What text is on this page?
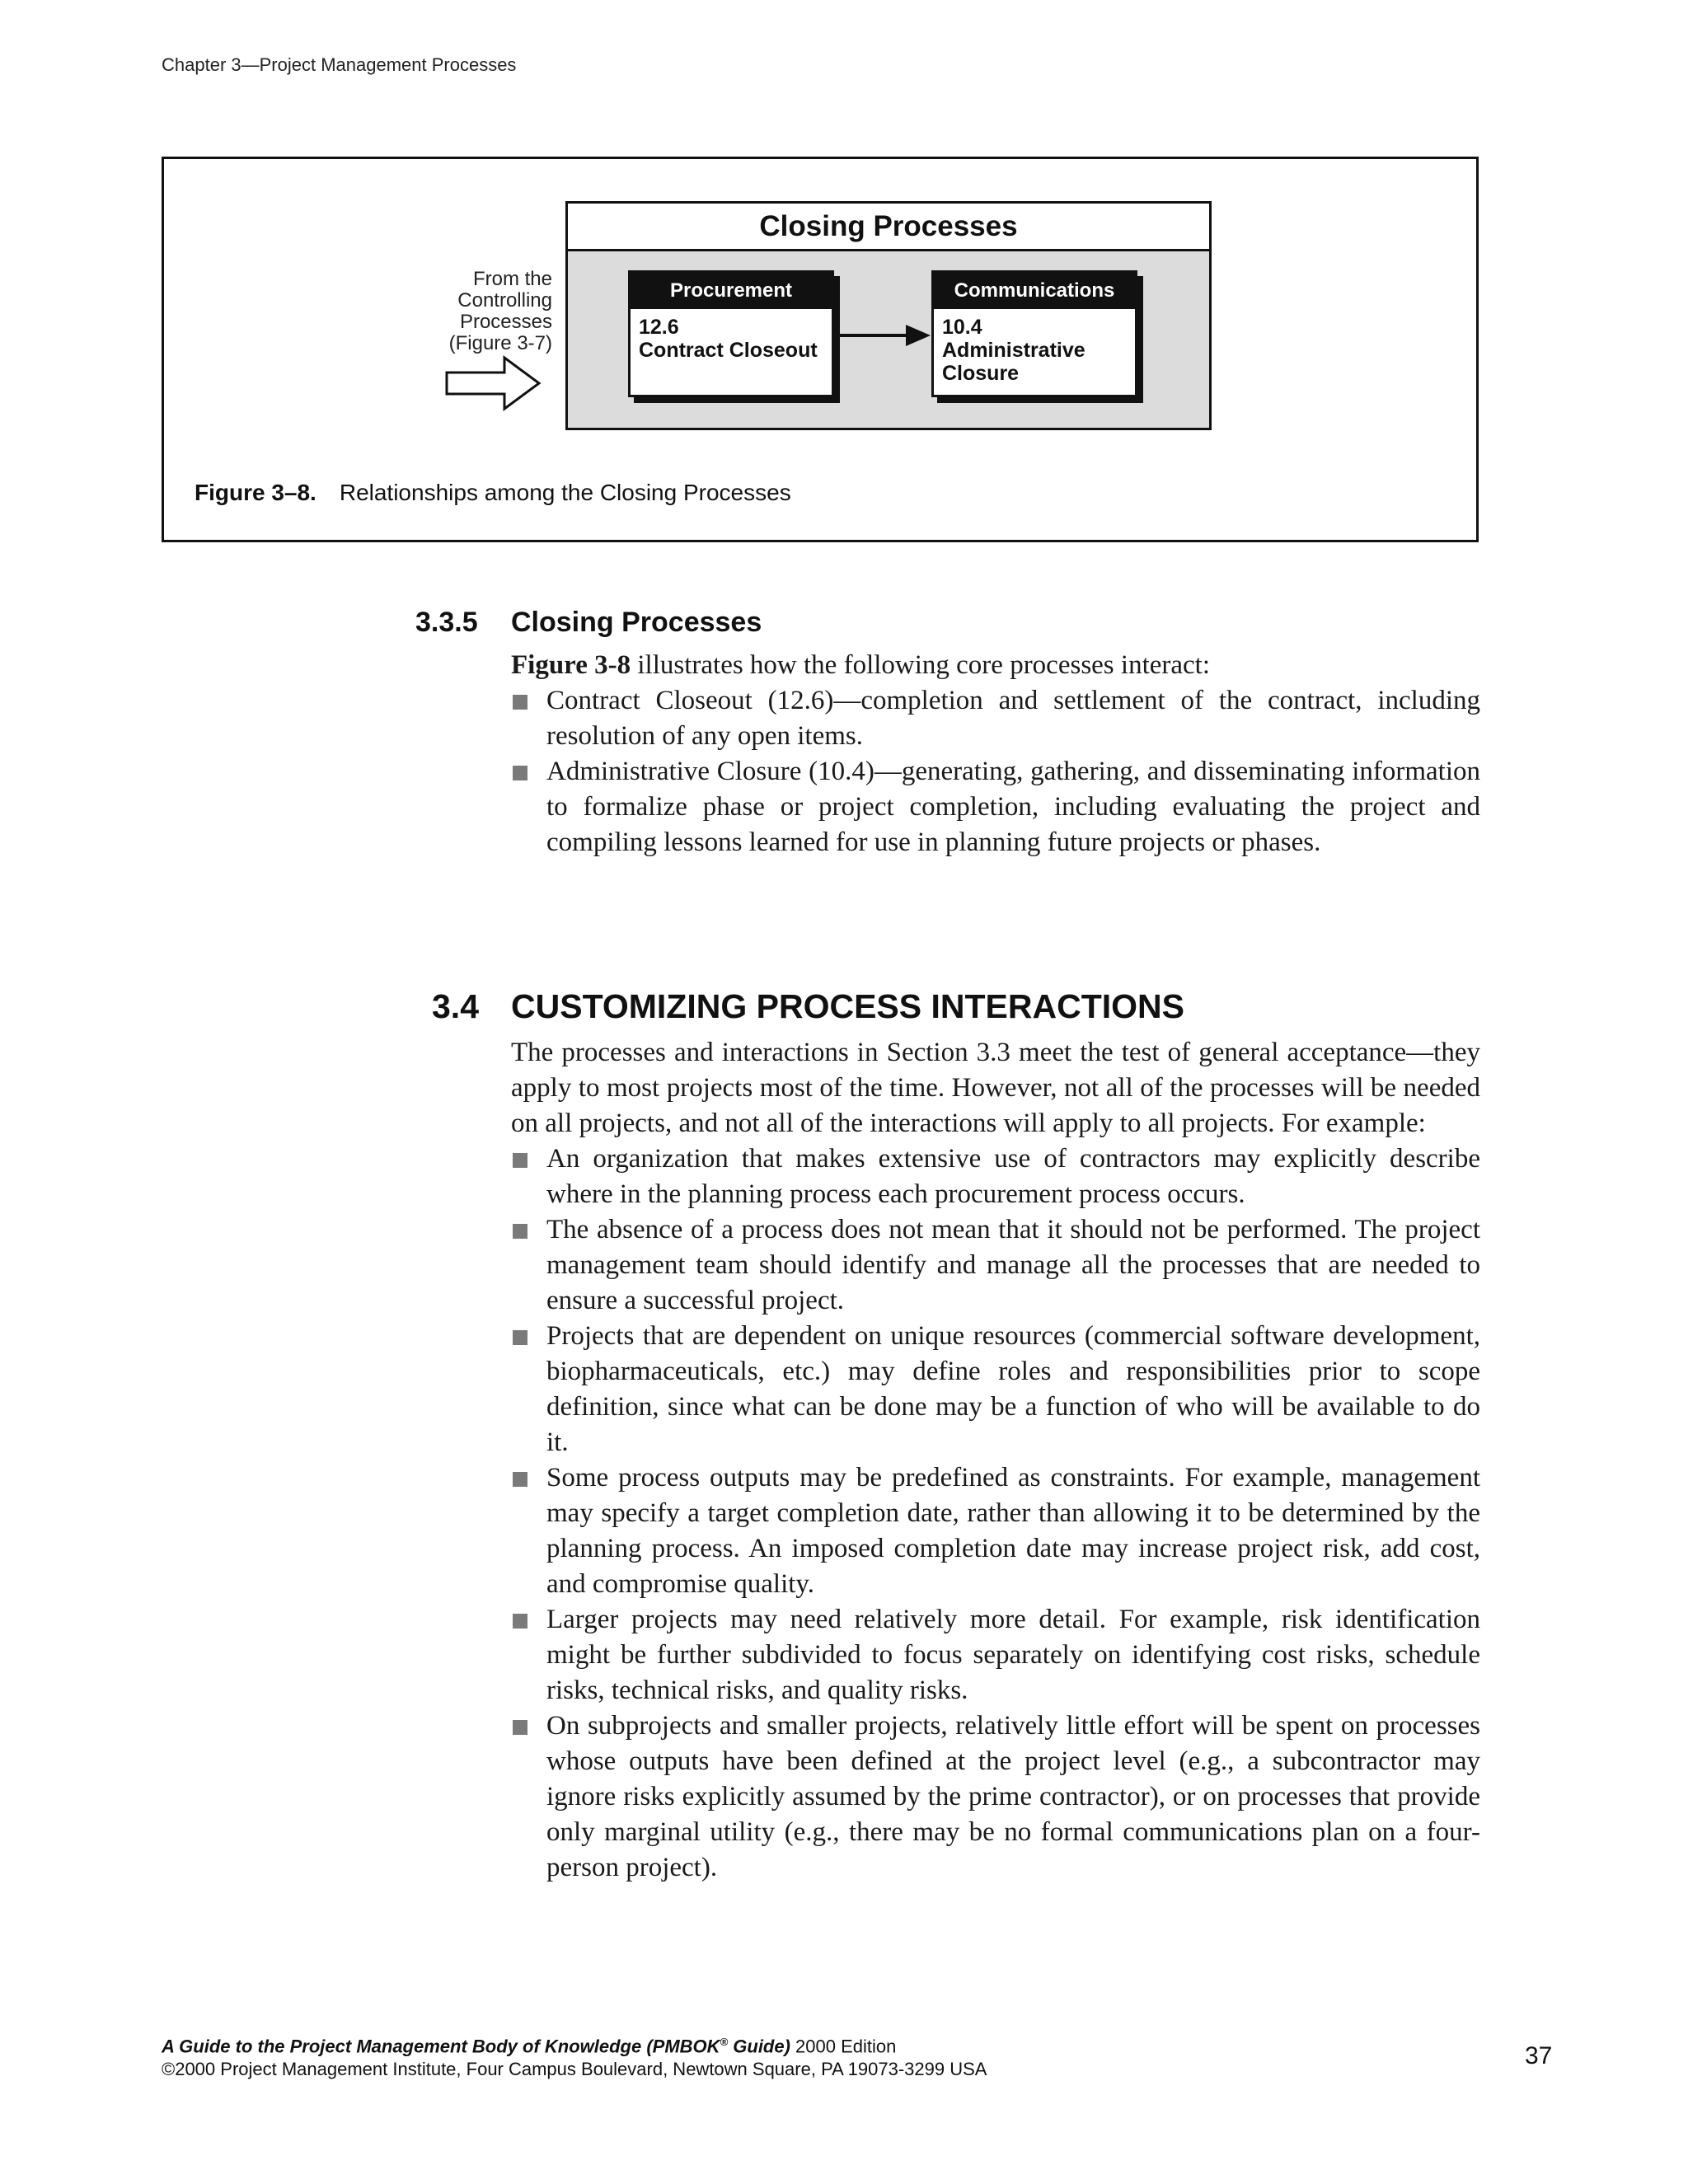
Chapter 3—Project Management Processes
From the
Controlling
Processes
(Figure 3-7)
Closing Processes
Procurement
12.6
Contract Closeout
Communications
10.4
Administrative
Closure
Figure 3–8. Relationships among the Closing Processes
3.3.5 Closing Processes

Figure 3-8 illustrates how the following core processes interact:

Contract Closeout (12.6)—completion and settlement of the contract, including resolution of any open items.
Administrative Closure (10.4)—generating, gathering, and disseminating information to formalize phase or project completion, including evaluating the project and compiling lessons learned for use in planning future projects or phases.
3.4 CUSTOMIZING PROCESS INTERACTIONS

The processes and interactions in Section 3.3 meet the test of general acceptance—they apply to most projects most of the time. However, not all of the processes will be needed on all projects, and not all of the interactions will apply to all projects. For example:

An organization that makes extensive use of contractors may explicitly describe where in the planning process each procurement process occurs.
The absence of a process does not mean that it should not be performed. The project management team should identify and manage all the processes that are needed to ensure a successful project.
Projects that are dependent on unique resources (commercial software development, biopharmaceuticals, etc.) may define roles and responsibilities prior to scope definition, since what can be done may be a function of who will be available to do it.
Some process outputs may be predefined as constraints. For example, management may specify a target completion date, rather than allowing it to be determined by the planning process. An imposed completion date may increase project risk, add cost, and compromise quality.
Larger projects may need relatively more detail. For example, risk identification might be further subdivided to focus separately on identifying cost risks, schedule risks, technical risks, and quality risks.
On subprojects and smaller projects, relatively little effort will be spent on processes whose outputs have been defined at the project level (e.g., a subcontractor may ignore risks explicitly assumed by the prime contractor), or on processes that provide only marginal utility (e.g., there may be no formal communications plan on a four-person project).
A Guide to the Project Management Body of Knowledge (PMBOK® Guide) 2000 Edition
©2000 Project Management Institute, Four Campus Boulevard, Newtown Square, PA 19073-3299 USA	37
